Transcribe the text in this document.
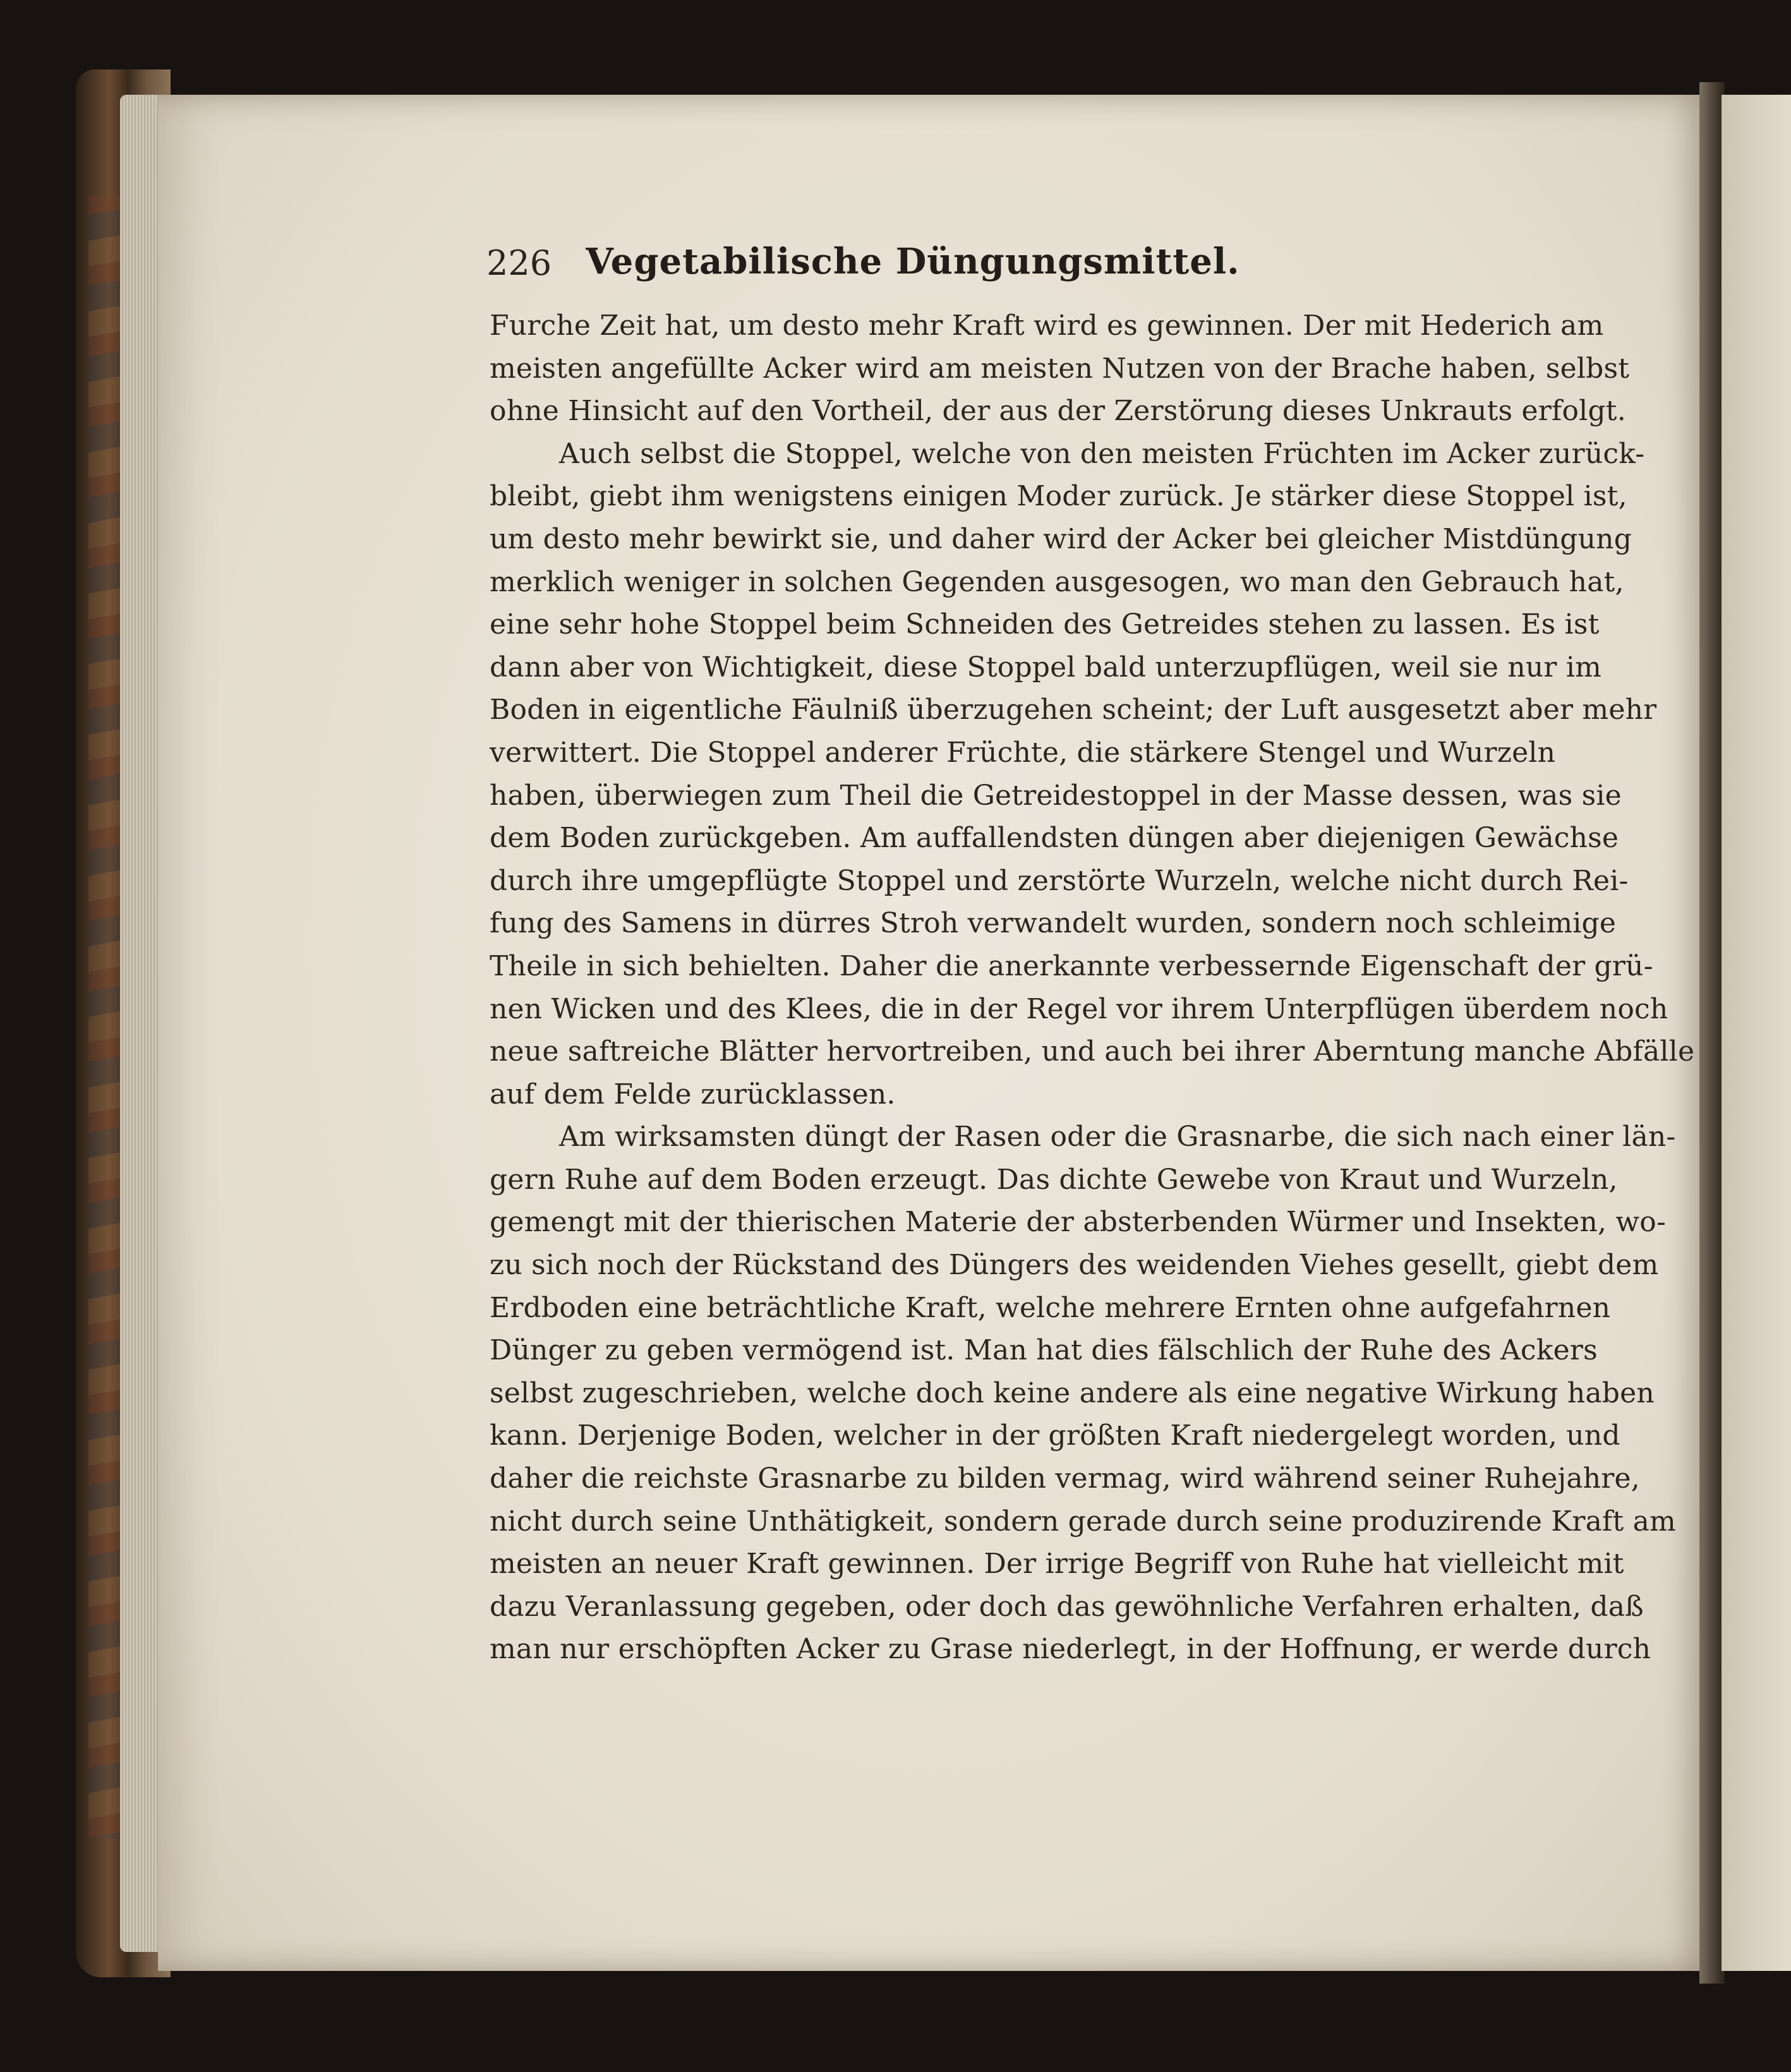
226 Vegetabilische Düngungsmittel.
Furche Zeit hat, um desto mehr Kraft wird es gewinnen. Der mit Hederich am
meisten angefüllte Acker wird am meisten Nutzen von der Brache haben, selbst
ohne Hinsicht auf den Vortheil, der aus der Zerstörung dieses Unkrauts erfolgt.
Auch selbst die Stoppel, welche von den meisten Früchten im Acker zurück-
bleibt, giebt ihm wenigstens einigen Moder zurück. Je stärker diese Stoppel ist,
um desto mehr bewirkt sie, und daher wird der Acker bei gleicher Mistdüngung
merklich weniger in solchen Gegenden ausgesogen, wo man den Gebrauch hat,
eine sehr hohe Stoppel beim Schneiden des Getreides stehen zu lassen. Es ist
dann aber von Wichtigkeit, diese Stoppel bald unterzupflügen, weil sie nur im
Boden in eigentliche Fäulniß überzugehen scheint; der Luft ausgesetzt aber mehr
verwittert. Die Stoppel anderer Früchte, die stärkere Stengel und Wurzeln
haben, überwiegen zum Theil die Getreidestoppel in der Masse dessen, was sie
dem Boden zurückgeben. Am auffallendsten düngen aber diejenigen Gewächse
durch ihre umgepflügte Stoppel und zerstörte Wurzeln, welche nicht durch Rei-
fung des Samens in dürres Stroh verwandelt wurden, sondern noch schleimige
Theile in sich behielten. Daher die anerkannte verbessernde Eigenschaft der grü-
nen Wicken und des Klees, die in der Regel vor ihrem Unterpflügen überdem noch
neue saftreiche Blätter hervortreiben, und auch bei ihrer Aberntung manche Abfälle
auf dem Felde zurücklassen.
Am wirksamsten düngt der Rasen oder die Grasnarbe, die sich nach einer län-
gern Ruhe auf dem Boden erzeugt. Das dichte Gewebe von Kraut und Wurzeln,
gemengt mit der thierischen Materie der absterbenden Würmer und Insekten, wo-
zu sich noch der Rückstand des Düngers des weidenden Viehes gesellt, giebt dem
Erdboden eine beträchtliche Kraft, welche mehrere Ernten ohne aufgefahrnen
Dünger zu geben vermögend ist. Man hat dies fälschlich der Ruhe des Ackers
selbst zugeschrieben, welche doch keine andere als eine negative Wirkung haben
kann. Derjenige Boden, welcher in der größten Kraft niedergelegt worden, und
daher die reichste Grasnarbe zu bilden vermag, wird während seiner Ruhejahre,
nicht durch seine Unthätigkeit, sondern gerade durch seine produzirende Kraft am
meisten an neuer Kraft gewinnen. Der irrige Begriff von Ruhe hat vielleicht mit
dazu Veranlassung gegeben, oder doch das gewöhnliche Verfahren erhalten, daß
man nur erschöpften Acker zu Grase niederlegt, in der Hoffnung, er werde durch
